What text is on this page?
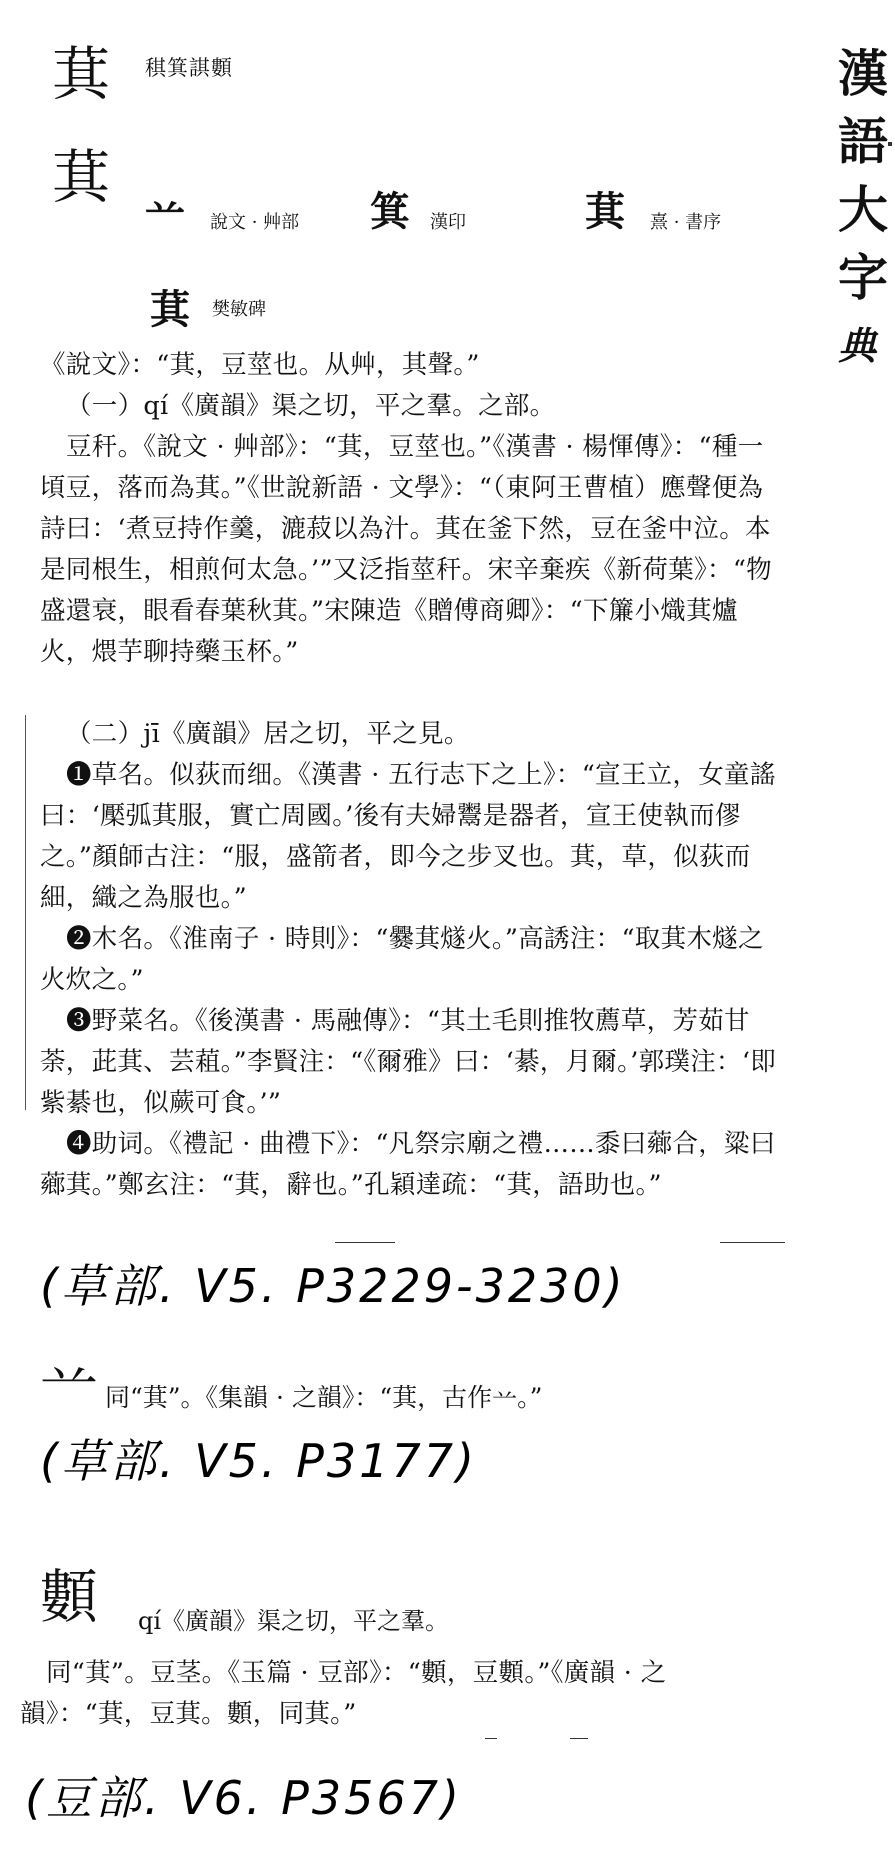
漢
語
大
字
典
萁 稘箕諆䫫
萁
䒑 說文 · 艸部 箕 漢印	萁 熹 · 書序
萁 樊敏碑

《說文》：“萁，豆莖也。从艸，其聲。”

（一）qí《廣韻》渠之切，平之羣。之部。

豆秆。《說文 · 艸部》：“萁，豆莖也。”《漢書 · 楊惲傳》：“種一頃豆，落而為萁。”《世說新語 · 文學》：“（東阿王曹植）應聲便為詩曰：‘煮豆持作羹，漉菽以為汁。萁在釜下然，豆在釜中泣。本是同根生，相煎何太急。’”又泛指莖秆。宋辛棄疾《新荷葉》：“物盛還衰，眼看春葉秋萁。”宋陳造《贈傅商卿》：“下簾小熾萁爐火，煨芋聊持藥玉杯。”

（二）jī《廣韻》居之切，平之見。

❶草名。似荻而细。《漢書 · 五行志下之上》：“宣王立，女童謠曰：‘檿弧萁服，實亡周國。’後有夫婦鬻是器者，宣王使執而僇之。”顏師古注：“服，盛箭者，即今之步叉也。萁，草，似荻而細，織之為服也。”

❷木名。《淮南子 · 時則》：“爨萁燧火。”高誘注：“取萁木燧之火炊之。”

❸野菜名。《後漢書 · 馬融傳》：“其土毛則推牧薦草，芳茹甘荼，茈萁、芸蒩。”李賢注：“《爾雅》曰：‘綦，月爾。’郭璞注：‘即紫綦也，似蕨可食。’”

❹助词。《禮記 · 曲禮下》：“凡祭宗廟之禮……黍曰薌合，粱曰薌萁。”鄭玄注：“萁，辭也。”孔穎達疏：“萁，語助也。”

(草部. V5. P3229-3230)
䒑 同“萁”。《集韻 · 之韻》：“萁，古作䒑。”
(草部. V5. P3177)
䫫 qí《廣韻》渠之切，平之羣。

同“萁”。豆茎。《玉篇 · 豆部》：“䫫，豆䫫。”《廣韻 · 之韻》：“萁，豆萁。䫫，同萁。”

(豆部. V6. P3567)
